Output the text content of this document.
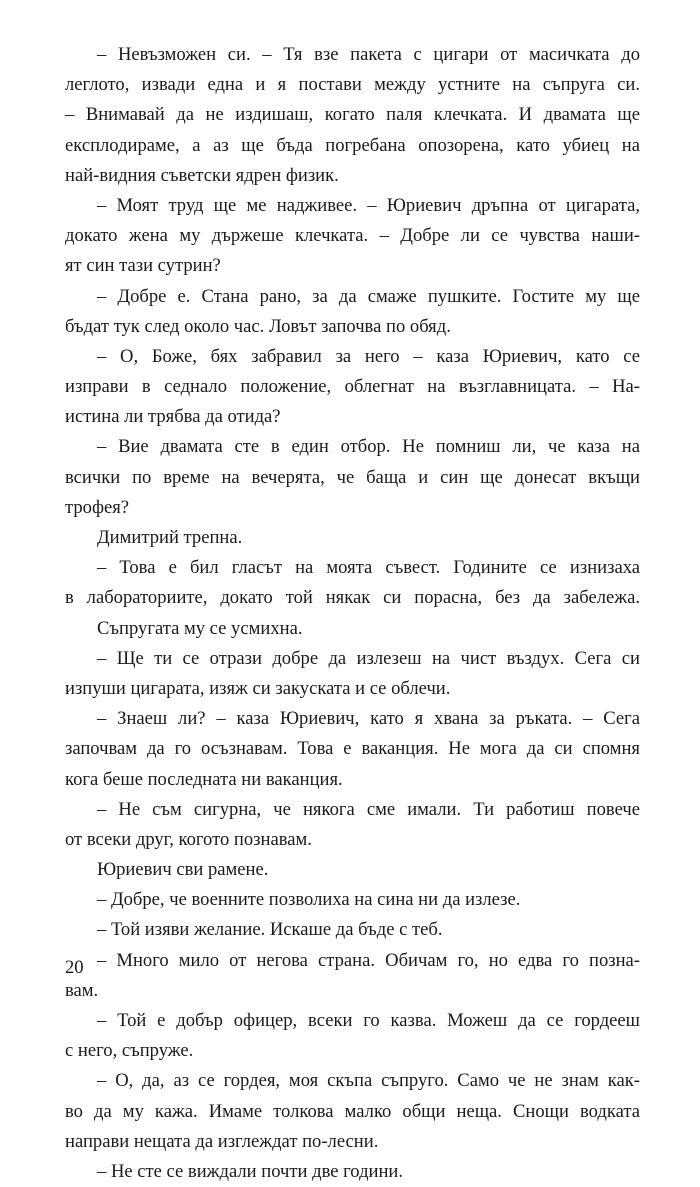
– Невъзможен си. – Тя взе пакета с цигари от масичката до
леглото, извади една и я постави между устните на съпруга си.
– Внимавай да не издишаш, когато паля клечката. И двамата ще
експлодираме, а аз ще бъда погребана опозорена, като убиец на
най-видния съветски ядрен физик.
– Моят труд ще ме надживее. – Юриевич дръпна от цигарата,
докато жена му държеше клечката. – Добре ли се чувства наши-
ят син тази сутрин?
– Добре е. Стана рано, за да смаже пушките. Гостите му ще
бъдат тук след около час. Ловът започва по обяд.
– О, Боже, бях забравил за него – каза Юриевич, като се
изправи в седнало положение, облегнат на възглавницата. – На-
истина ли трябва да отида?
– Вие двамата сте в един отбор. Не помниш ли, че каза на
всички по време на вечерята, че баща и син ще донесат вкъщи
трофея?
Димитрий трепна.
– Това е бил гласът на моята съвест. Годините се изнизаха
в лабораториите, докато той някак си порасна, без да забележа.
Съпругата му се усмихна.
– Ще ти се отрази добре да излезеш на чист въздух. Сега си
изпуши цигарата, изяж си закуската и се облечи.
– Знаеш ли? – каза Юриевич, като я хвана за ръката. – Сега
започвам да го осъзнавам. Това е ваканция. Не мога да си спомня
кога беше последната ни ваканция.
– Не съм сигурна, че някога сме имали. Ти работиш повече
от всеки друг, когото познавам.
Юриевич сви рамене.
– Добре, че военните позволиха на сина ни да излезе.
– Той изяви желание. Искаше да бъде с теб.
– Много мило от негова страна. Обичам го, но едва го позна-
вам.
– Той е добър офицер, всеки го казва. Можеш да се гордееш
с него, съпруже.
– О, да, аз се гордея, моя скъпа съпруго. Само че не знам как-
во да му кажа. Имаме толкова малко общи неща. Снощи водката
направи нещата да изглеждат по-лесни.
– Не сте се виждали почти две години.
20
